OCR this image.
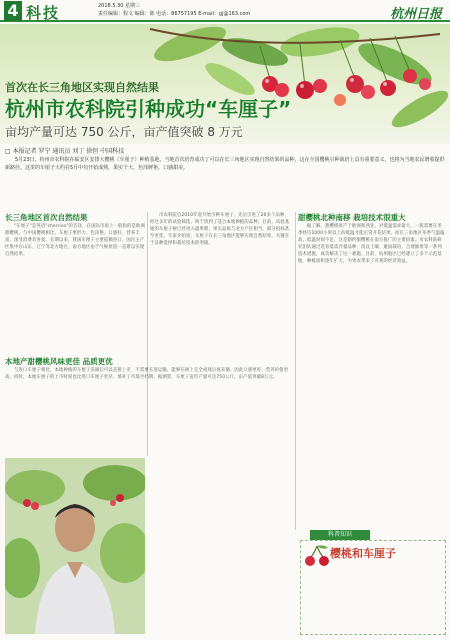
4 科技	2018.5.30 星期三
责任编辑：程文 编辑：陈 电话：86757195 E-mail：gj@163.com	杭州日报
首次在长三角地区实现自然结果
杭州市农科院引种成功“车厘子”
亩均产量可达 750 公斤，亩产值突破 8 万元
□ 本报记者 罗宁 通讯员 刘丁 徐恒 中国科技
5月23日，杭州市农科院在临安区安排大樱桃（车厘子）种植基地，当地首次培育成功了可以在长三角地区实现自然结果的品种，这在全国樱桃引种栽培上具有重要意义，也将为当地农民增收提供新路径。这里的车厘子大约在5月中旬开始成熟，果实个大、色泽鲜艳、口感甜美。
长三角地区首次自然结果
"车厘子"是英语"cherries"的音译，在国际市场上一般指的是欧洲甜樱桃。与中国樱桃相比，车厘子果形大、色泽艳、口感好、营养丰富，深受消费者喜爱。长期以来，我国车厘子主要依赖进口，国内主产区集中在山东、辽宁等北方地区，南方地区由于气候原因一直难以实现自然结果。
市农科院自2010年起开始引种车厘子，先后引进了20多个品种，经过多年的试验筛选，终于找到了适合本地种植的品种。目前，试验基地的车厘子树已经进入盛果期，果实品质与北方产区相当，部分指标甚至更优。专家介绍说，车厘子在长三角地区能够实现自然结果，关键在于品种选择和栽培技术的突破。
甜樱桃北种南移 栽培技术很重大
据了解，甜樱桃原产于欧洲和西亚，对低温需求量大，一般需要在冬季经历1000小时以上的低温才能正常开花结果。而长三角地区冬季气温偏高，低温时间不足，这是制约甜樱桃在南方推广的主要因素。市农科院研究团队通过选育低需冷量品种、改良土壤、避雨栽培、合理修剪等一系列技术措施，成功解决了这一难题。目前，杭州地区已经建立了多个示范基地，种植面积逐年扩大，为果农带来了可观的经济效益。
本地产甜樱桃风味更佳 品质更优
与进口车厘子相比，本地种植的车厘子采摘后可以直接上市，不需要长途运输，能够在树上完全成熟后再采摘，因此口感更好，营养价值更高。同时，本地车厘子的上市时间也比进口车厘子更早，填补了市场空档期。据测算，车厘子亩均产量可达750公斤，亩产值突破8万元。
科普知识
樱桃和车厘子
